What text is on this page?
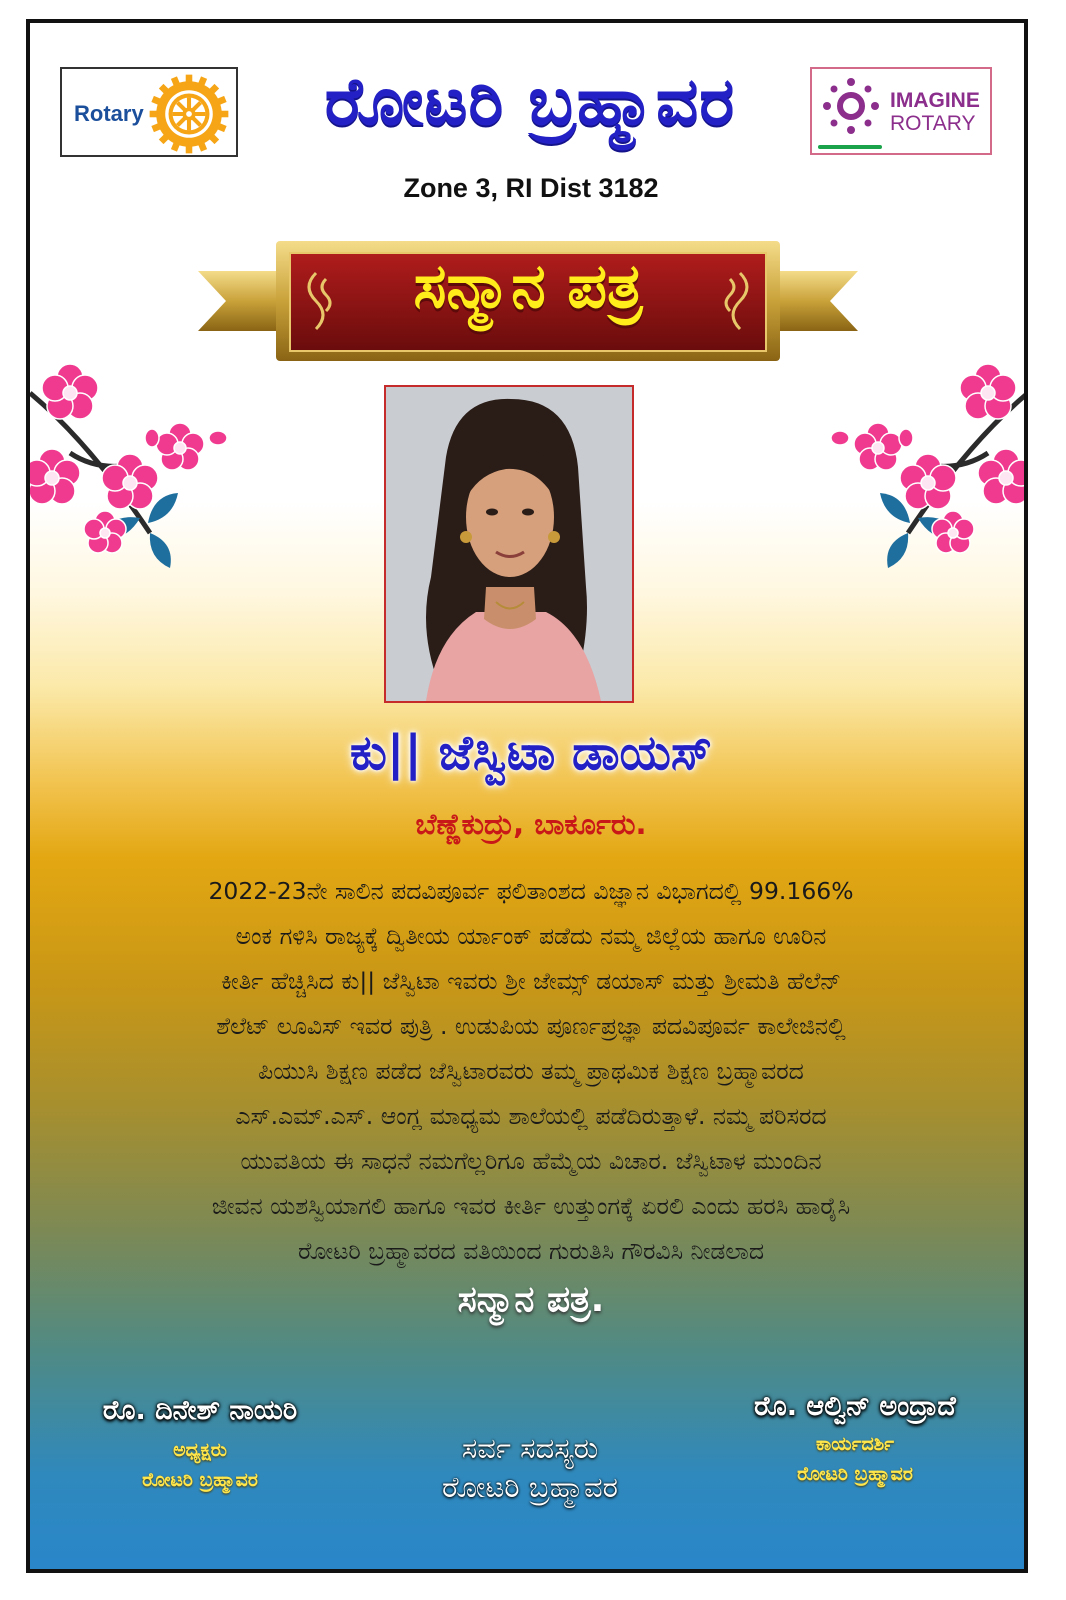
Rotary	ರೋಟರಿ ಬ್ರಹ್ಮಾವರ	IMAGINE
ROTARY
Zone 3, RI Dist 3182
ಸನ್ಮಾನ ಪತ್ರ
ಕು|| ಜೆಸ್ವಿಟಾ ಡಾಯಸ್
ಬೆಣ್ಣೆಕುದ್ರು, ಬಾರ್ಕೂರು.

2022-23ನೇ ಸಾಲಿನ ಪದವಿಪೂರ್ವ ಫಲಿತಾಂಶದ ವಿಜ್ಞಾನ ವಿಭಾಗದಲ್ಲಿ 99.166%

ಅಂಕ ಗಳಿಸಿ ರಾಜ್ಯಕ್ಕೆ ದ್ವಿತೀಯ ರ್ಯಾಂಕ್ ಪಡೆದು ನಮ್ಮ ಜಿಲ್ಲೆಯ ಹಾಗೂ ಊರಿನ

ಕೀರ್ತಿ ಹೆಚ್ಚಿಸಿದ ಕು|| ಜೆಸ್ವಿಟಾ ಇವರು ಶ್ರೀ ಜೇಮ್ಸ್ ಡಯಾಸ್ ಮತ್ತು ಶ್ರೀಮತಿ ಹೆಲೆನ್

ಶೆಲೆಟ್ ಲೂವಿಸ್ ಇವರ ಪುತ್ರಿ . ಉಡುಪಿಯ ಪೂರ್ಣಪ್ರಜ್ಞಾ ಪದವಿಪೂರ್ವ ಕಾಲೇಜಿನಲ್ಲಿ

ಪಿಯುಸಿ ಶಿಕ್ಷಣ ಪಡೆದ ಜೆಸ್ವಿಟಾರವರು ತಮ್ಮ ಪ್ರಾಥಮಿಕ ಶಿಕ್ಷಣ ಬ್ರಹ್ಮಾವರದ

ಎಸ್.ಎಮ್.ಎಸ್. ಆಂಗ್ಲ ಮಾಧ್ಯಮ ಶಾಲೆಯಲ್ಲಿ ಪಡೆದಿರುತ್ತಾಳೆ. ನಮ್ಮ ಪರಿಸರದ

ಯುವತಿಯ ಈ ಸಾಧನೆ ನಮಗೆಲ್ಲರಿಗೂ ಹೆಮ್ಮೆಯ ವಿಚಾರ. ಜೆಸ್ವಿಟಾಳ ಮುಂದಿನ

ಜೀವನ ಯಶಸ್ವಿಯಾಗಲಿ ಹಾಗೂ ಇವರ ಕೀರ್ತಿ ಉತ್ತುಂಗಕ್ಕೆ ಏರಲಿ ಎಂದು ಹರಸಿ ಹಾರೈಸಿ

ರೋಟರಿ ಬ್ರಹ್ಮಾವರದ ವತಿಯಿಂದ ಗುರುತಿಸಿ ಗೌರವಿಸಿ ನೀಡಲಾದ

ಸನ್ಮಾನ ಪತ್ರ.
ರೊ. ದಿನೇಶ್ ನಾಯರಿ
ಅಧ್ಯಕ್ಷರು
ರೋಟರಿ ಬ್ರಹ್ಮಾವರ
ಸರ್ವ ಸದಸ್ಯರು
ರೋಟರಿ ಬ್ರಹ್ಮಾವರ
ರೊ. ಆಲ್ವಿನ್ ಅಂದ್ರಾದೆ
ಕಾರ್ಯದರ್ಶಿ
ರೋಟರಿ ಬ್ರಹ್ಮಾವರ
